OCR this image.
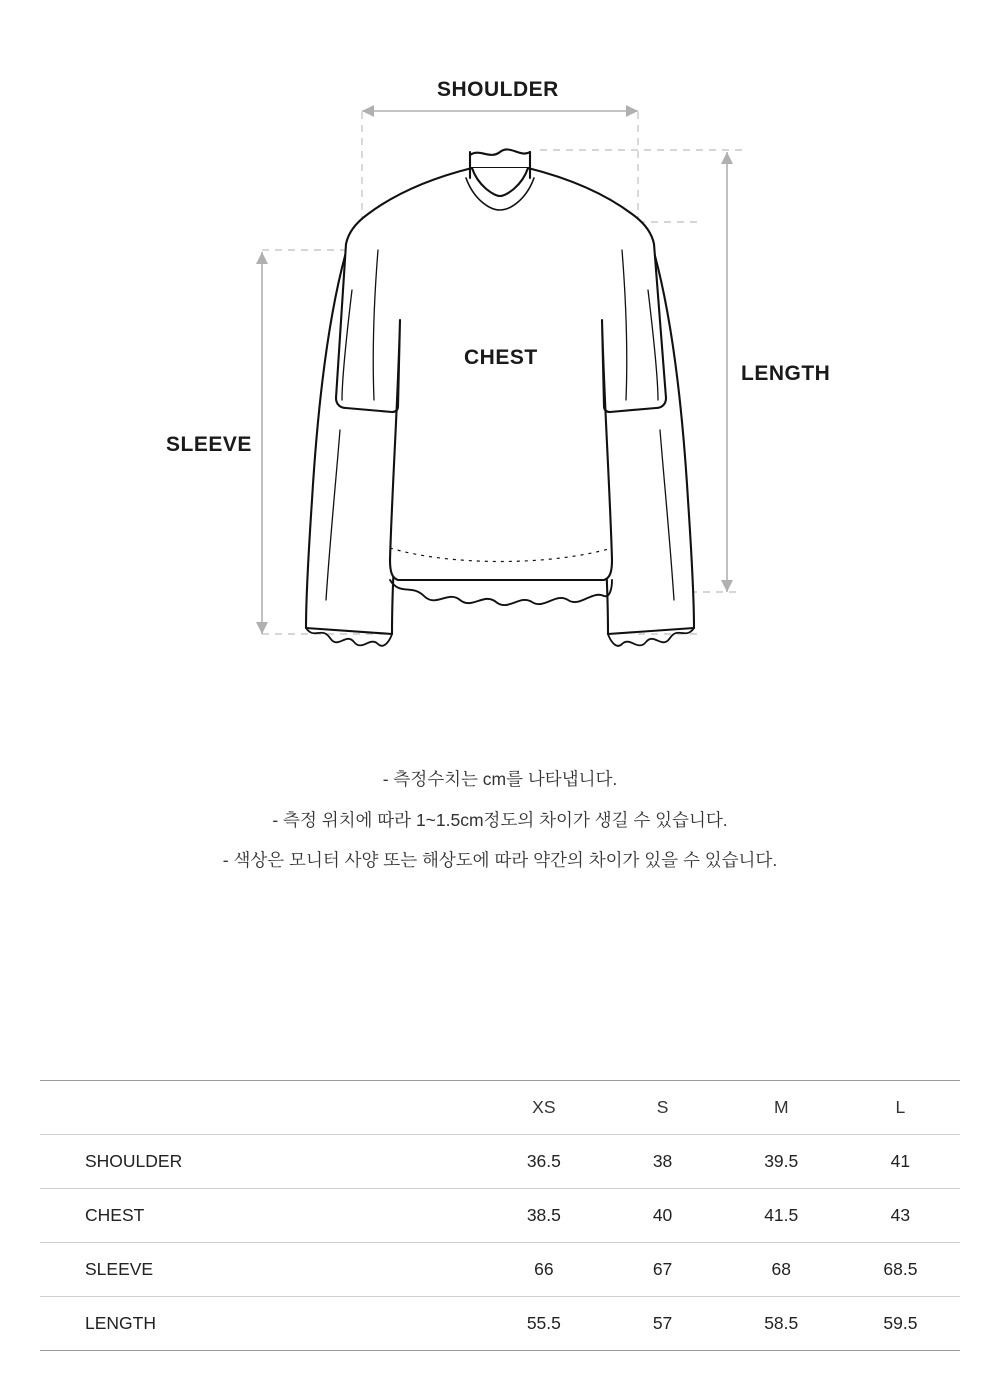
SHOULDER
LENGTH
SLEEVE
CHEST

- 측정수치는 cm를 나타냅니다.

- 측정 위치에 따라 1~1.5cm정도의 차이가 생길 수 있습니다.

- 색상은 모니터 사양 또는 해상도에 따라 약간의 차이가 있을 수 있습니다.

	XS	S	M	L
SHOULDER	36.5	38	39.5	41
CHEST	38.5	40	41.5	43
SLEEVE	66	67	68	68.5
LENGTH	55.5	57	58.5	59.5
